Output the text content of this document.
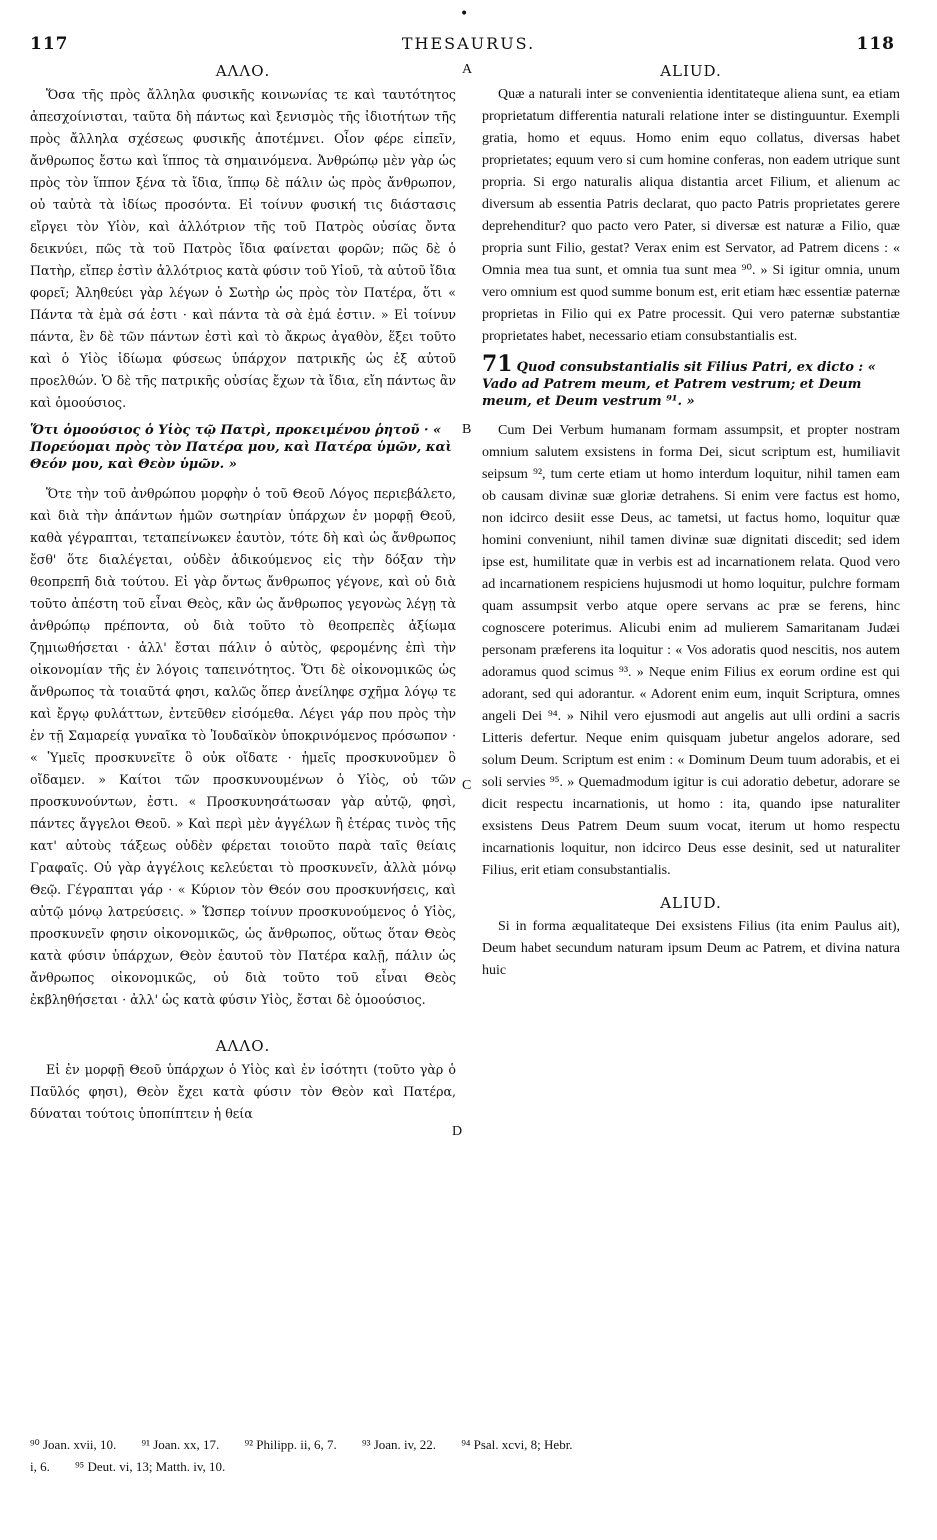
•
117	THESAURUS.	118
A
B
C
D
ΑΛΛΟ.

Ὅσα τῆς πρὸς ἄλληλα φυσικῆς κοινωνίας τε καὶ ταυτότητος ἀπεσχοίνισται, ταῦτα δὴ πάντως καὶ ξενισμὸς τῆς ἰδιοτήτων τῆς πρὸς ἄλληλα σχέσεως φυσικῆς ἀποτέμνει. Οἷον φέρε εἰπεῖν, ἄνθρωπος ἔστω καὶ ἵππος τὰ σημαινόμενα. Ἀνθρώπῳ μὲν γὰρ ὡς πρὸς τὸν ἵππον ξένα τὰ ἴδια, ἵππῳ δὲ πάλιν ὡς πρὸς ἄνθρωπον, οὐ ταὐτὰ τὰ ἰδίως προσόντα. Εἰ τοίνυν φυσική τις διάστασις εἴργει τὸν Υἱὸν, καὶ ἀλλότριον τῆς τοῦ Πατρὸς οὐσίας ὄντα δεικνύει, πῶς τὰ τοῦ Πατρὸς ἴδια φαίνεται φορῶν; πῶς δὲ ὁ Πατὴρ, εἴπερ ἐστὶν ἀλλότριος κατὰ φύσιν τοῦ Υἱοῦ, τὰ αὐτοῦ ἴδια φορεῖ; Ἀληθεύει γὰρ λέγων ὁ Σωτὴρ ὡς πρὸς τὸν Πατέρα, ὅτι « Πάντα τὰ ἐμὰ σά ἐστι · καὶ πάντα τὰ σὰ ἐμά ἐστιν. » Εἰ τοίνυν πάντα, ἓν δὲ τῶν πάντων ἐστὶ καὶ τὸ ἄκρως ἀγαθὸν, ἕξει τοῦτο καὶ ὁ Υἱὸς ἰδίωμα φύσεως ὑπάρχον πατρικῆς ὡς ἐξ αὐτοῦ προελθών. Ὁ δὲ τῆς πατρικῆς οὐσίας ἔχων τὰ ἴδια, εἴη πάντως ἂν καὶ ὁμοούσιος.

Ὅτι ὁμοούσιος ὁ Υἱὸς τῷ Πατρὶ, προκειμένου ῥητοῦ · « Πορεύομαι πρὸς τὸν Πατέρα μου, καὶ Πατέρα ὑμῶν, καὶ Θεόν μου, καὶ Θεὸν ὑμῶν. »

Ὅτε τὴν τοῦ ἀνθρώπου μορφὴν ὁ τοῦ Θεοῦ Λόγος περιεβάλετο, καὶ διὰ τὴν ἁπάντων ἡμῶν σωτηρίαν ὑπάρχων ἐν μορφῇ Θεοῦ, καθὰ γέγραπται, τεταπείνωκεν ἑαυτὸν, τότε δὴ καὶ ὡς ἄνθρωπος ἔσθ' ὅτε διαλέγεται, οὐδὲν ἀδικούμενος εἰς τὴν δόξαν τὴν θεοπρεπῆ διὰ τούτου. Εἰ γὰρ ὄντως ἄνθρωπος γέγονε, καὶ οὐ διὰ τοῦτο ἀπέστη τοῦ εἶναι Θεὸς, κἂν ὡς ἄνθρωπος γεγονὼς λέγῃ τὰ ἀνθρώπῳ πρέποντα, οὐ διὰ τοῦτο τὸ θεοπρεπὲς ἀξίωμα ζημιωθήσεται · ἀλλ' ἔσται πάλιν ὁ αὐτὸς, φερομένης ἐπὶ τὴν οἰκονομίαν τῆς ἐν λόγοις ταπεινότητος. Ὅτι δὲ οἰκονομικῶς ὡς ἄνθρωπος τὰ τοιαῦτά φησι, καλῶς ὅπερ ἀνείληφε σχῆμα λόγῳ τε καὶ ἔργῳ φυλάττων, ἐντεῦθεν εἰσόμεθα. Λέγει γάρ που πρὸς τὴν ἐν τῇ Σαμαρείᾳ γυναῖκα τὸ Ἰουδαϊκὸν ὑποκρινόμενος πρόσωπον · « Ὑμεῖς προσκυνεῖτε ὃ οὐκ οἴδατε · ἡμεῖς προσκυνοῦμεν ὃ οἴδαμεν. » Καίτοι τῶν προσκυνουμένων ὁ Υἱὸς, οὐ τῶν προσκυνούντων, ἐστι. « Προσκυνησάτωσαν γὰρ αὐτῷ, φησὶ, πάντες ἄγγελοι Θεοῦ. » Καὶ περὶ μὲν ἀγγέλων ἢ ἑτέρας τινὸς τῆς κατ' αὐτοὺς τάξεως οὐδὲν φέρεται τοιοῦτο παρὰ ταῖς θείαις Γραφαῖς. Οὐ γὰρ ἀγγέλοις κελεύεται τὸ προσκυνεῖν, ἀλλὰ μόνῳ Θεῷ. Γέγραπται γάρ · « Κύριον τὸν Θεόν σου προσκυνήσεις, καὶ αὐτῷ μόνῳ λατρεύσεις. » Ὥσπερ τοίνυν προσκυνούμενος ὁ Υἱὸς, προσκυνεῖν φησιν οἰκονομικῶς, ὡς ἄνθρωπος, οὕτως ὅταν Θεὸς κατὰ φύσιν ὑπάρχων, Θεὸν ἑαυτοῦ τὸν Πατέρα καλῇ, πάλιν ὡς ἄνθρωπος οἰκονομικῶς, οὐ διὰ τοῦτο τοῦ εἶναι Θεὸς ἐκβληθήσεται · ἀλλ' ὡς κατὰ φύσιν Υἱὸς, ἔσται δὲ ὁμοούσιος.

ΑΛΛΟ.

Εἰ ἐν μορφῇ Θεοῦ ὑπάρχων ὁ Υἱὸς καὶ ἐν ἰσότητι (τοῦτο γὰρ ὁ Παῦλός φησι), Θεὸν ἔχει κατὰ φύσιν τὸν Θεὸν καὶ Πατέρα, δύναται τούτοις ὑποπίπτειν ἡ θεία

ALIUD.

Quæ a naturali inter se convenientia identitateque aliena sunt, ea etiam proprietatum differentia naturali relatione inter se distinguuntur. Exempli gratia, homo et equus. Homo enim equo collatus, diversas habet proprietates; equum vero si cum homine conferas, non eadem utrique sunt propria. Si ergo naturalis aliqua distantia arcet Filium, et alienum ac diversum ab essentia Patris declarat, quo pacto Patris proprietates gerere deprehenditur? quo pacto vero Pater, si diversæ est naturæ a Filio, quæ propria sunt Filio, gestat? Verax enim est Servator, ad Patrem dicens : « Omnia mea tua sunt, et omnia tua sunt mea ⁹⁰. » Si igitur omnia, unum vero omnium est quod summe bonum est, erit etiam hæc essentiæ paternæ proprietas in Filio qui ex Patre processit. Qui vero paternæ substantiæ proprietates habet, necessario etiam consubstantialis est.

71 Quod consubstantialis sit Filius Patri, ex dicto : « Vado ad Patrem meum, et Patrem vestrum; et Deum meum, et Deum vestrum ⁹¹. »

Cum Dei Verbum humanam formam assumpsit, et propter nostram omnium salutem exsistens in forma Dei, sicut scriptum est, humiliavit seipsum ⁹², tum certe etiam ut homo interdum loquitur, nihil tamen eam ob causam divinæ suæ gloriæ detrahens. Si enim vere factus est homo, non idcirco desiit esse Deus, ac tametsi, ut factus homo, loquitur quæ homini conveniunt, nihil tamen divinæ suæ dignitati discedit; sed idem ipse est, humilitate quæ in verbis est ad incarnationem relata. Quod vero ad incarnationem respiciens hujusmodi ut homo loquitur, pulchre formam quam assumpsit verbo atque opere servans ac præ se ferens, hinc cognoscere poterimus. Alicubi enim ad mulierem Samaritanam Judæi personam præferens ita loquitur : « Vos adoratis quod nescitis, nos autem adoramus quod scimus ⁹³. » Neque enim Filius ex eorum ordine est qui adorant, sed qui adorantur. « Adorent enim eum, inquit Scriptura, omnes angeli Dei ⁹⁴. » Nihil vero ejusmodi aut angelis aut ulli ordini a sacris Litteris defertur. Neque enim quisquam jubetur angelos adorare, sed solum Deum. Scriptum est enim : « Dominum Deum tuum adorabis, et ei soli servies ⁹⁵. » Quemadmodum igitur is cui adoratio debetur, adorare se dicit respectu incarnationis, ut homo : ita, quando ipse naturaliter exsistens Deus Patrem Deum suum vocat, iterum ut homo respectu incarnationis loquitur, non idcirco Deus esse desinit, sed ut naturaliter Filius, erit etiam consubstantialis.

ALIUD.

Si in forma æqualitateque Dei exsistens Filius (ita enim Paulus ait), Deum habet secundum naturam ipsum Deum ac Patrem, et divina natura huic

⁹⁰ Joan. xvii, 10. ⁹¹ Joan. xx, 17. ⁹² Philipp. ii, 6, 7. ⁹³ Joan. iv, 22. ⁹⁴ Psal. xcvi, 8; Hebr.
i, 6. ⁹⁵ Deut. vi, 13; Matth. iv, 10.
